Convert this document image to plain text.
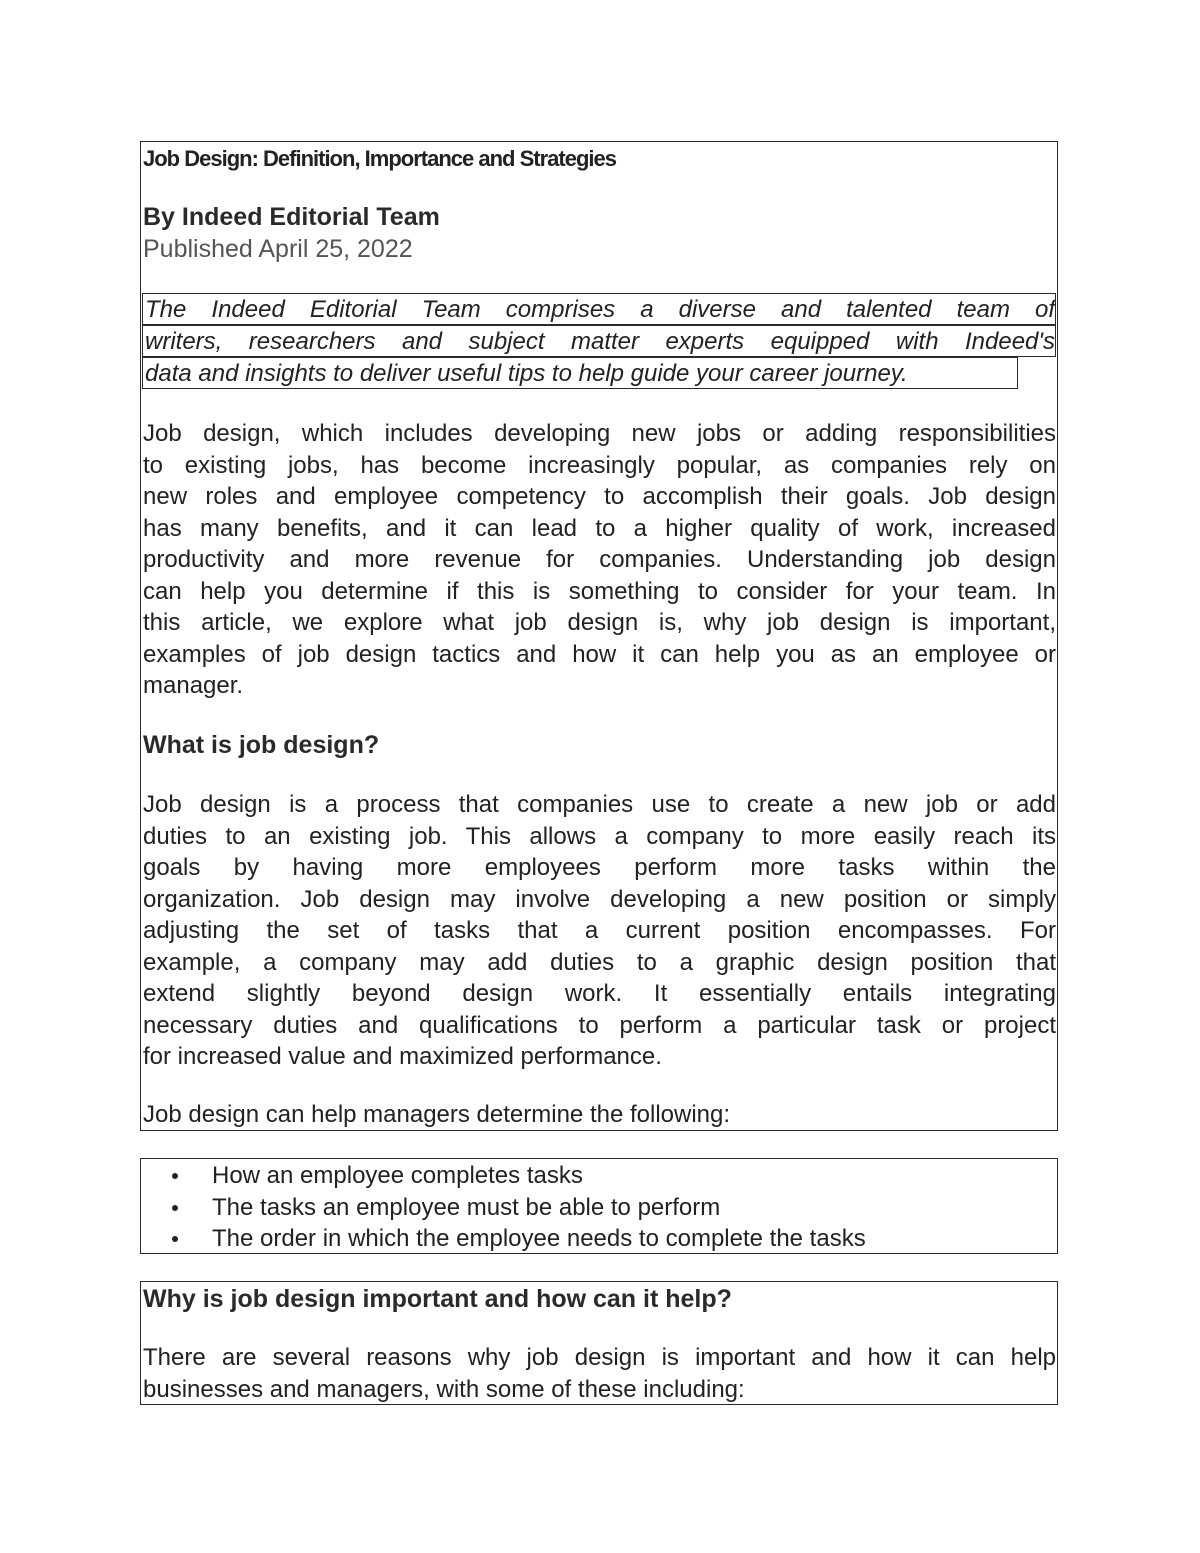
Job Design: Definition, Importance and Strategies
By Indeed Editorial Team
Published April 25, 2022
The Indeed Editorial Team comprises a diverse and talented team of
writers, researchers and subject matter experts equipped with Indeed's
data and insights to deliver useful tips to help guide your career journey.
Job design, which includes developing new jobs or adding responsibilities
to existing jobs, has become increasingly popular, as companies rely on
new roles and employee competency to accomplish their goals. Job design
has many benefits, and it can lead to a higher quality of work, increased
productivity and more revenue for companies. Understanding job design
can help you determine if this is something to consider for your team. In
this article, we explore what job design is, why job design is important,
examples of job design tactics and how it can help you as an employee or
manager.
What is job design?
Job design is a process that companies use to create a new job or add
duties to an existing job. This allows a company to more easily reach its
goals by having more employees perform more tasks within the
organization. Job design may involve developing a new position or simply
adjusting the set of tasks that a current position encompasses. For
example, a company may add duties to a graphic design position that
extend slightly beyond design work. It essentially entails integrating
necessary duties and qualifications to perform a particular task or project
for increased value and maximized performance.
Job design can help managers determine the following:
How an employee completes tasks
The tasks an employee must be able to perform
The order in which the employee needs to complete the tasks
Why is job design important and how can it help?
There are several reasons why job design is important and how it can help
businesses and managers, with some of these including:
